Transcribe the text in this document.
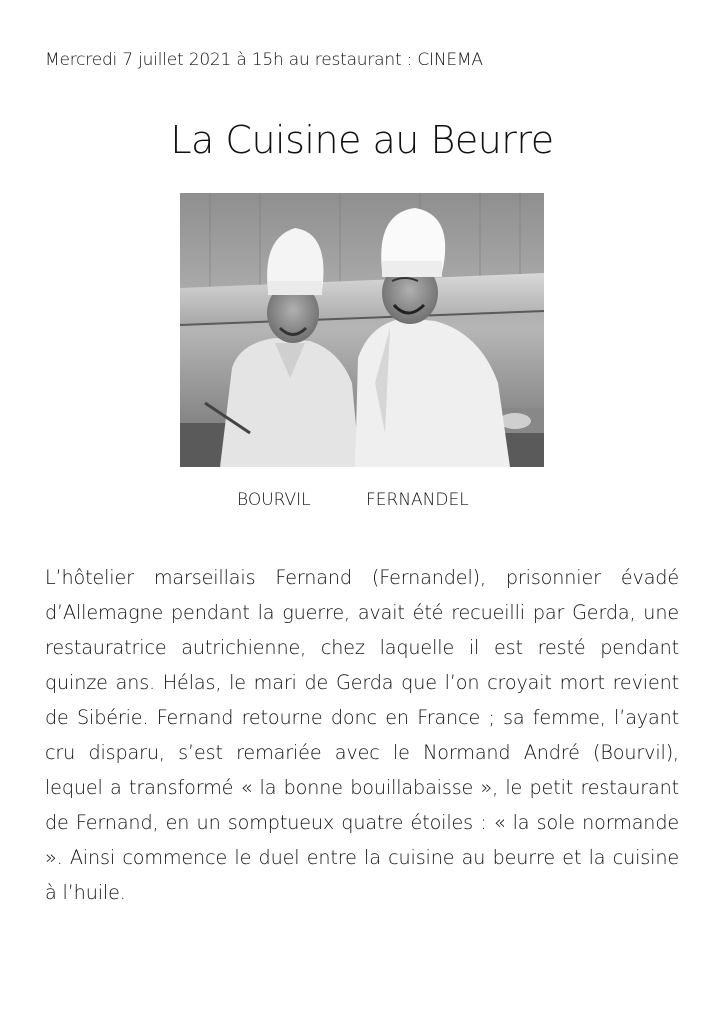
Mercredi 7 juillet 2021 à 15h au restaurant : CINEMA
La Cuisine au Beurre
BOURVIL	FERNANDEL
L’hôtelier marseillais Fernand (Fernandel), prisonnier évadé d’Allemagne pendant la guerre, avait été recueilli par Gerda, une restauratrice autrichienne, chez laquelle il est resté pendant quinze ans. Hélas, le mari de Gerda que l’on croyait mort revient de Sibérie. Fernand retourne donc en France ; sa femme, l’ayant cru disparu, s’est remariée avec le Normand André (Bourvil), lequel a transformé « la bonne bouillabaisse », le petit restaurant de Fernand, en un somptueux quatre étoiles : « la sole normande ». Ainsi commence le duel entre la cuisine au beurre et la cuisine à l’huile.
